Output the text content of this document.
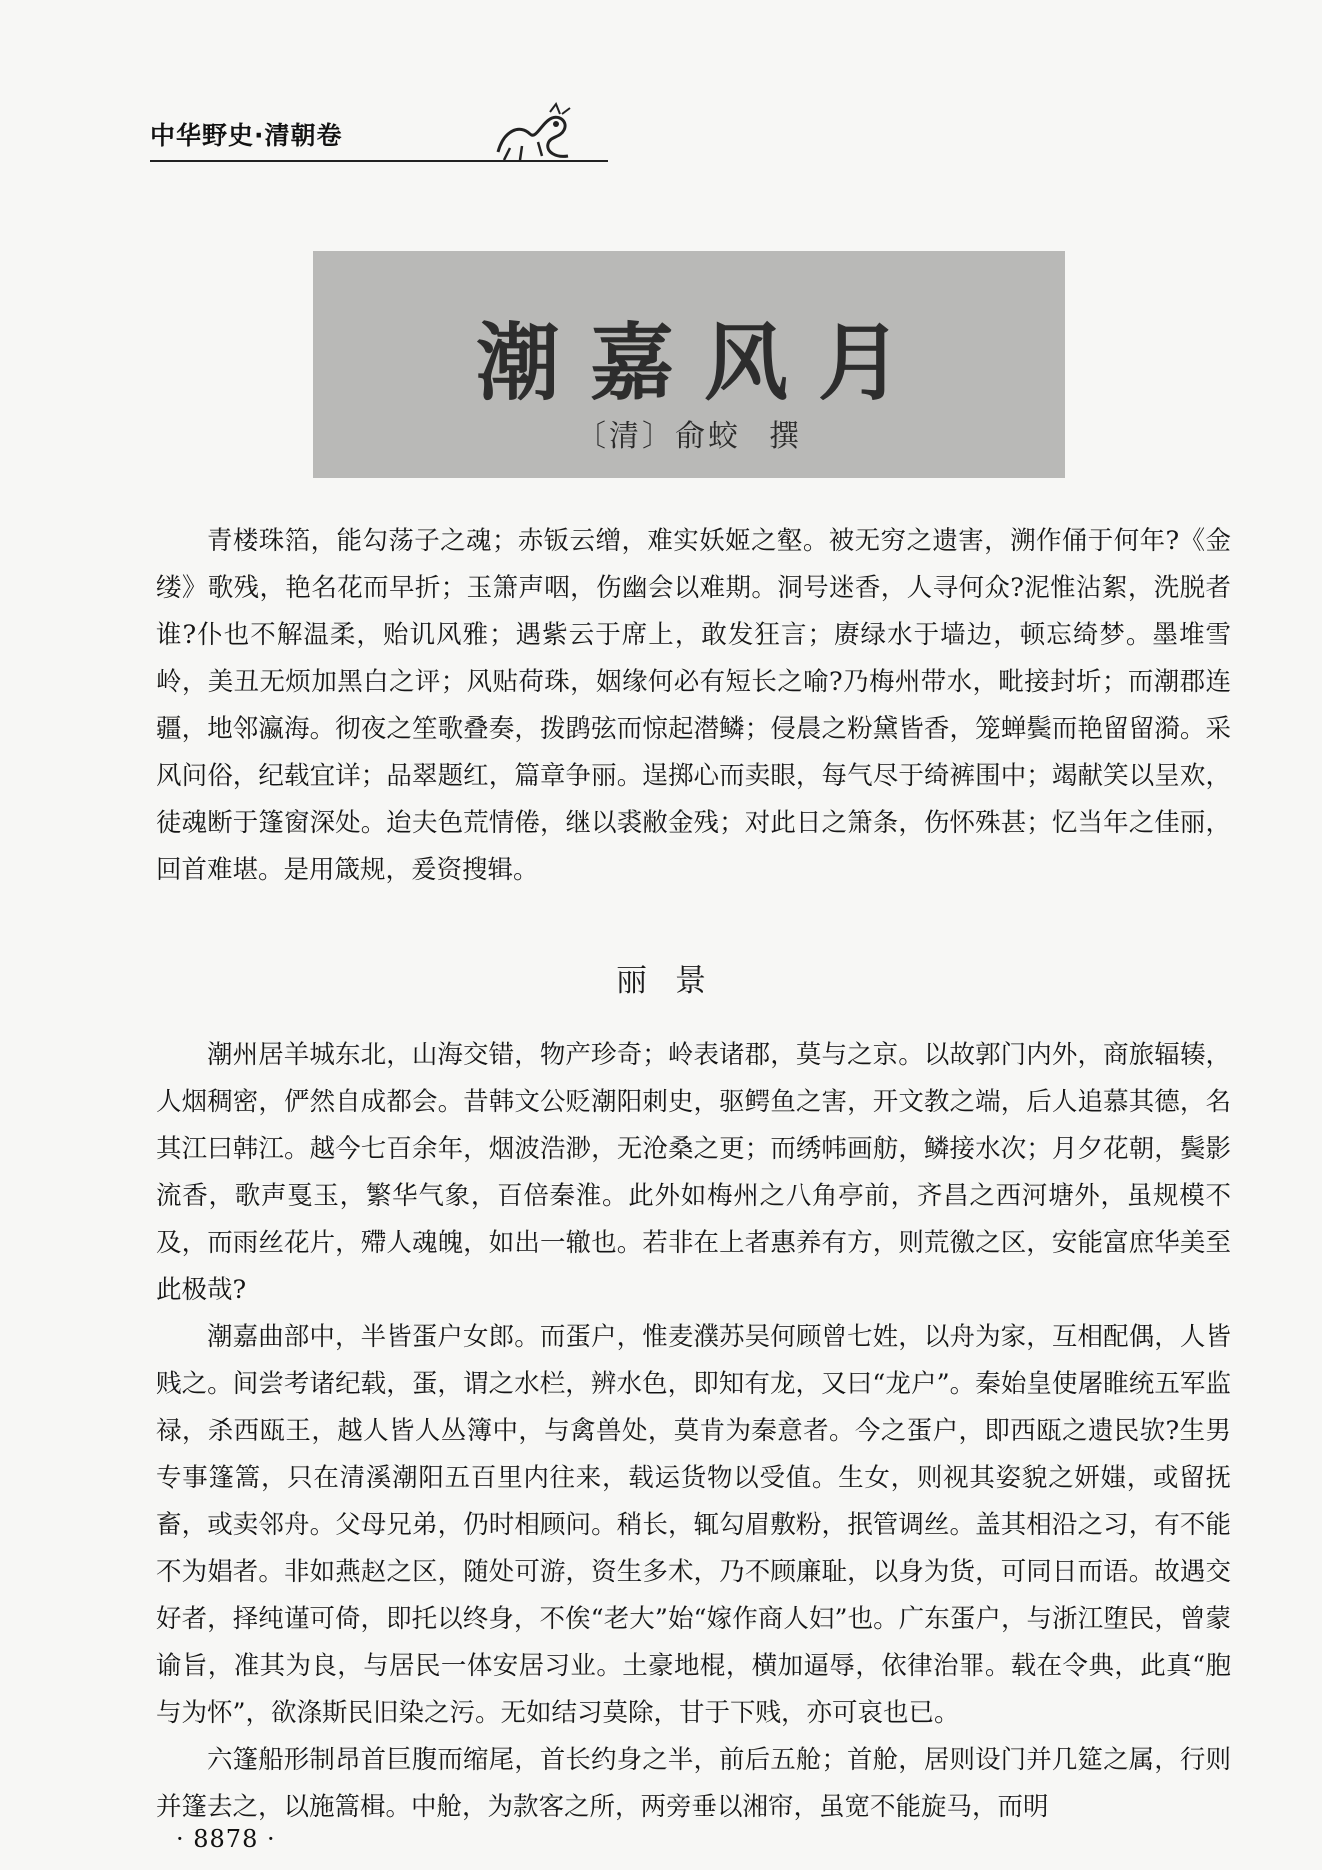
中华野史·清朝卷
潮嘉风月
〔清〕俞蛟 撰

青楼珠箔，能勾荡子之魂；赤钣云缯，难实妖姬之壑。被无穷之遗害，溯作俑于何年?《金缕》歌残，艳名花而早折；玉箫声咽，伤幽会以难期。洞号迷香，人寻何众?泥惟沾絮，洗脱者谁?仆也不解温柔，贻讥风雅；遇紫云于席上，敢发狂言；赓绿水于墙边，顿忘绮梦。墨堆雪岭，美丑无烦加黑白之评；风贴荷珠，姻缘何必有短长之喻?乃梅州带水，毗接封圻；而潮郡连疆，地邻瀛海。彻夜之笙歌叠奏，拨鹍弦而惊起潜鳞；侵晨之粉黛皆香，笼蝉鬓而艳留留漪。采风问俗，纪载宜详；品翠题红，篇章争丽。逞掷心而卖眼，每气尽于绮裤围中；竭献笑以呈欢，徒魂断于篷窗深处。迨夫色荒情倦，继以裘敝金残；对此日之箫条，伤怀殊甚；忆当年之佳丽，回首难堪。是用箴规，爰资搜辑。

丽景

潮州居羊城东北，山海交错，物产珍奇；岭表诸郡，莫与之京。以故郭门内外，商旅辐辏，人烟稠密，俨然自成都会。昔韩文公贬潮阳刺史，驱鳄鱼之害，开文教之端，后人追慕其德，名其江曰韩江。越今七百余年，烟波浩渺，无沧桑之更；而绣帏画舫，鳞接水次；月夕花朝，鬓影流香，歌声戛玉，繁华气象，百倍秦淮。此外如梅州之八角亭前，齐昌之西河塘外，虽规模不及，而雨丝花片，殢人魂魄，如出一辙也。若非在上者惠养有方，则荒徼之区，安能富庶华美至此极哉?

潮嘉曲部中，半皆蛋户女郎。而蛋户，惟麦濮苏吴何顾曾七姓，以舟为家，互相配偶，人皆贱之。间尝考诸纪载，蛋，谓之水栏，辨水色，即知有龙，又曰“龙户”。秦始皇使屠睢统五军监禄，杀西瓯王，越人皆人丛簿中，与禽兽处，莫肯为秦意者。今之蛋户，即西瓯之遗民欤?生男专事篷篙，只在清溪潮阳五百里内往来，载运货物以受值。生女，则视其姿貌之妍媸，或留抚畜，或卖邻舟。父母兄弟，仍时相顾问。稍长，辄勾眉敷粉，抿管调丝。盖其相沿之习，有不能不为娼者。非如燕赵之区，随处可游，资生多术，乃不顾廉耻，以身为货，可同日而语。故遇交好者，择纯谨可倚，即托以终身，不俟“老大”始“嫁作商人妇”也。广东蛋户，与浙江堕民，曾蒙谕旨，准其为良，与居民一体安居习业。土豪地棍，横加逼辱，依律治罪。载在令典，此真“胞与为怀”，欲涤斯民旧染之污。无如结习莫除，甘于下贱，亦可哀也已。

六篷船形制昂首巨腹而缩尾，首长约身之半，前后五舱；首舱，居则设门并几筵之属，行则并篷去之，以施篙楫。中舱，为款客之所，两旁垂以湘帘，虽宽不能旋马，而明

· 8878 ·
